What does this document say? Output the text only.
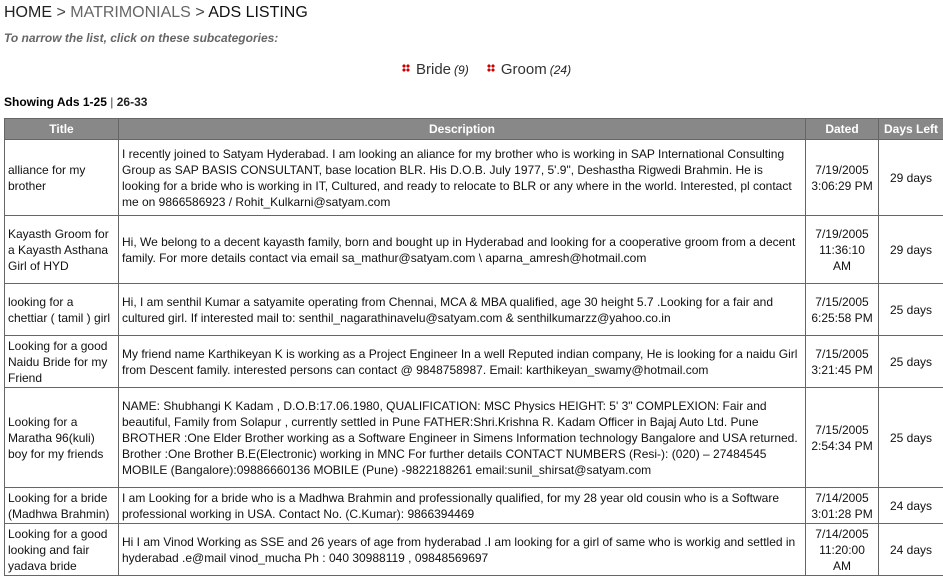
HOME > MATRIMONIALS > ADS LISTING
To narrow the list, click on these subcategories:
Bride (9) Groom (24)
Showing Ads 1-25 | 26-33
Title	Description	Dated	Days Left
alliance for my brother	I recently joined to Satyam Hyderabad. I am looking an aliance for my brother who is working in SAP International Consulting Group as SAP BASIS CONSULTANT, base location BLR. His D.O.B. July 1977, 5'.9", Deshastha Rigwedi Brahmin. He is looking for a bride who is working in IT, Cultured, and ready to relocate to BLR or any where in the world. Interested, pl contact me on 9866586923 / Rohit_Kulkarni@satyam.com	7/19/2005
3:06:29 PM	29 days
Kayasth Groom for a Kayasth Asthana Girl of HYD	Hi, We belong to a decent kayasth family, born and bought up in Hyderabad and looking for a cooperative groom from a decent family. For more details contact via email sa_mathur@satyam.com \ aparna_amresh@hotmail.com	7/19/2005
11:36:10 AM	29 days
looking for a chettiar ( tamil ) girl	Hi, I am senthil Kumar a satyamite operating from Chennai, MCA & MBA qualified, age 30 height 5.7 .Looking for a fair and cultured girl. If interested mail to: senthil_nagarathinavelu@satyam.com & senthilkumarzz@yahoo.co.in	7/15/2005
6:25:58 PM	25 days
Looking for a good Naidu Bride for my Friend	My friend name Karthikeyan K is working as a Project Engineer In a well Reputed indian company, He is looking for a naidu Girl from Descent family. interested persons can contact @ 9848758987. Email: karthikeyan_swamy@hotmail.com	7/15/2005
3:21:45 PM	25 days
Looking for a Maratha 96(kuli) boy for my friends	NAME: Shubhangi K Kadam , D.O.B:17.06.1980, QUALIFICATION: MSC Physics HEIGHT: 5' 3" COMPLEXION: Fair and beautiful, Family from Solapur , currently settled in Pune FATHER:Shri.Krishna R. Kadam Officer in Bajaj Auto Ltd. Pune BROTHER :One Elder Brother working as a Software Engineer in Simens Information technology Bangalore and USA returned. Brother :One Brother B.E(Electronic) working in MNC For further details CONTACT NUMBERS (Resi-): (020) – 27484545 MOBILE (Bangalore):09886660136 MOBILE (Pune) -9822188261 email:sunil_shirsat@satyam.com	7/15/2005
2:54:34 PM	25 days
Looking for a bride (Madhwa Brahmin)	I am Looking for a bride who is a Madhwa Brahmin and professionally qualified, for my 28 year old cousin who is a Software professional working in USA. Contact No. (C.Kumar): 9866394469	7/14/2005
3:01:28 PM	24 days
Looking for a good looking and fair yadava bride	Hi I am Vinod Working as SSE and 26 years of age from hyderabad .I am looking for a girl of same who is workig and settled in hyderabad .e@mail vinod_mucha Ph : 040 30988119 , 09848569697	7/14/2005
11:20:00 AM	24 days
